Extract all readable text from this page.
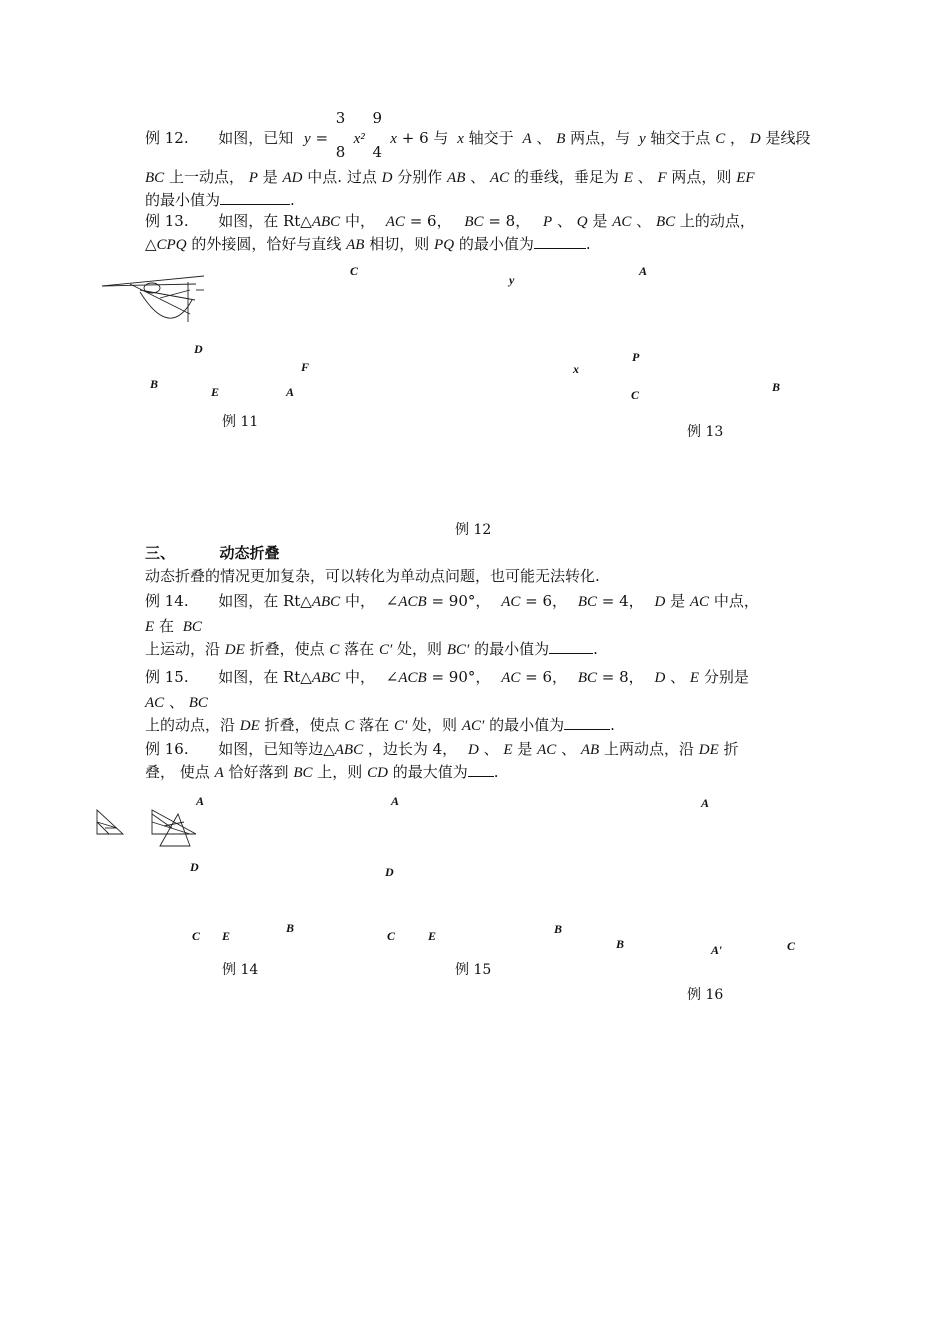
例 12. 如图，已知 y =
3
8
x²
9
4
x + 6 与 x 轴交于 A 、 B 两点，与 y 轴交于点 C ， D 是线段
BC 上一动点， P 是 AD 中点. 过点 D 分别作 AB 、 AC 的垂线，垂足为 E 、 F 两点，则 EF
的最小值为	.
例 13. 如图，在 Rt△ABC 中， AC = 6， BC = 8， P 、 Q 是 AC 、 BC 上的动点，
△CPQ 的外接圆，恰好与直线 AB 相切，则 PQ 的最小值为	.
C
D
F
B
E	A
例 11
y
x
例 12
A
P
C
B
例 13
三、	动态折叠
动态折叠的情况更加复杂，可以转化为单动点问题，也可能无法转化.
例 14. 如图，在 Rt△ABC 中， ∠ACB = 90°， AC = 6， BC = 4， D 是 AC 中点，
E 在 BC
上运动，沿 DE 折叠，使点 C 落在 C′ 处，则 BC′ 的最小值为	.
例 15. 如图，在 Rt△ABC 中， ∠ACB = 90°， AC = 6， BC = 8， D 、 E 分别是
AC 、 BC
上的动点，沿 DE 折叠，使点 C 落在 C′ 处，则 AC′ 的最小值为	.
例 16. 如图，已知等边△ABC ，边长为 4， D 、 E 是 AC 、 AB 上两动点，沿 DE 折
叠， 使点 A 恰好落到 BC 上，则 CD 的最大值为 .
A
D
C E
B
例 14
A
D
C	E	B
例 15
A
B	A′	C
例 16
